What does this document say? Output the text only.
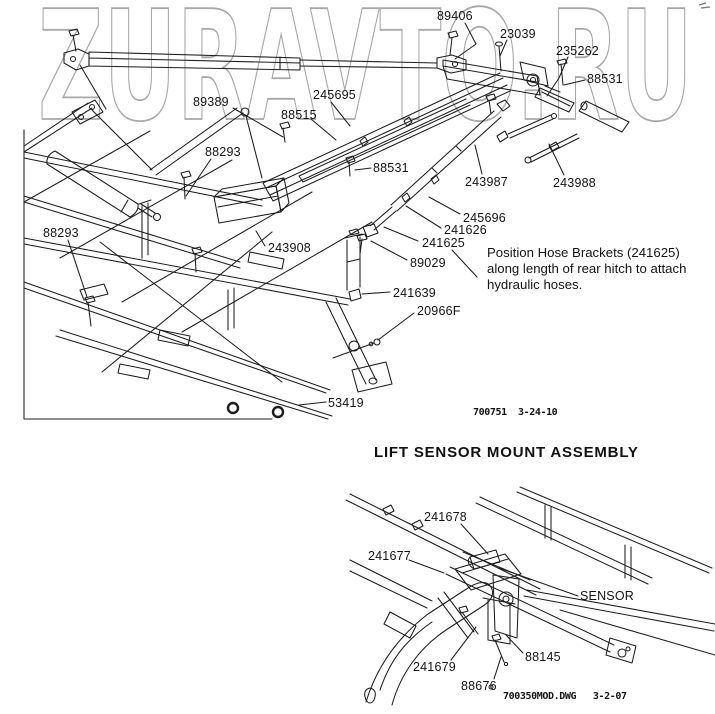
ZURAVTO.RU
89406
23039
235262
88531
89389	245695
88515
88293
88531
243987	243988
245696
241626
88293
243908	241625
89029
241639
20966F
53419
Position Hose Brackets (241625)
along length of rear hitch to attach
hydraulic hoses.
700751  3-24-10
LIFT SENSOR MOUNT ASSEMBLY
241678
241677
SENSOR
241679
88145
88676
700350MOD.DWG   3-2-07
